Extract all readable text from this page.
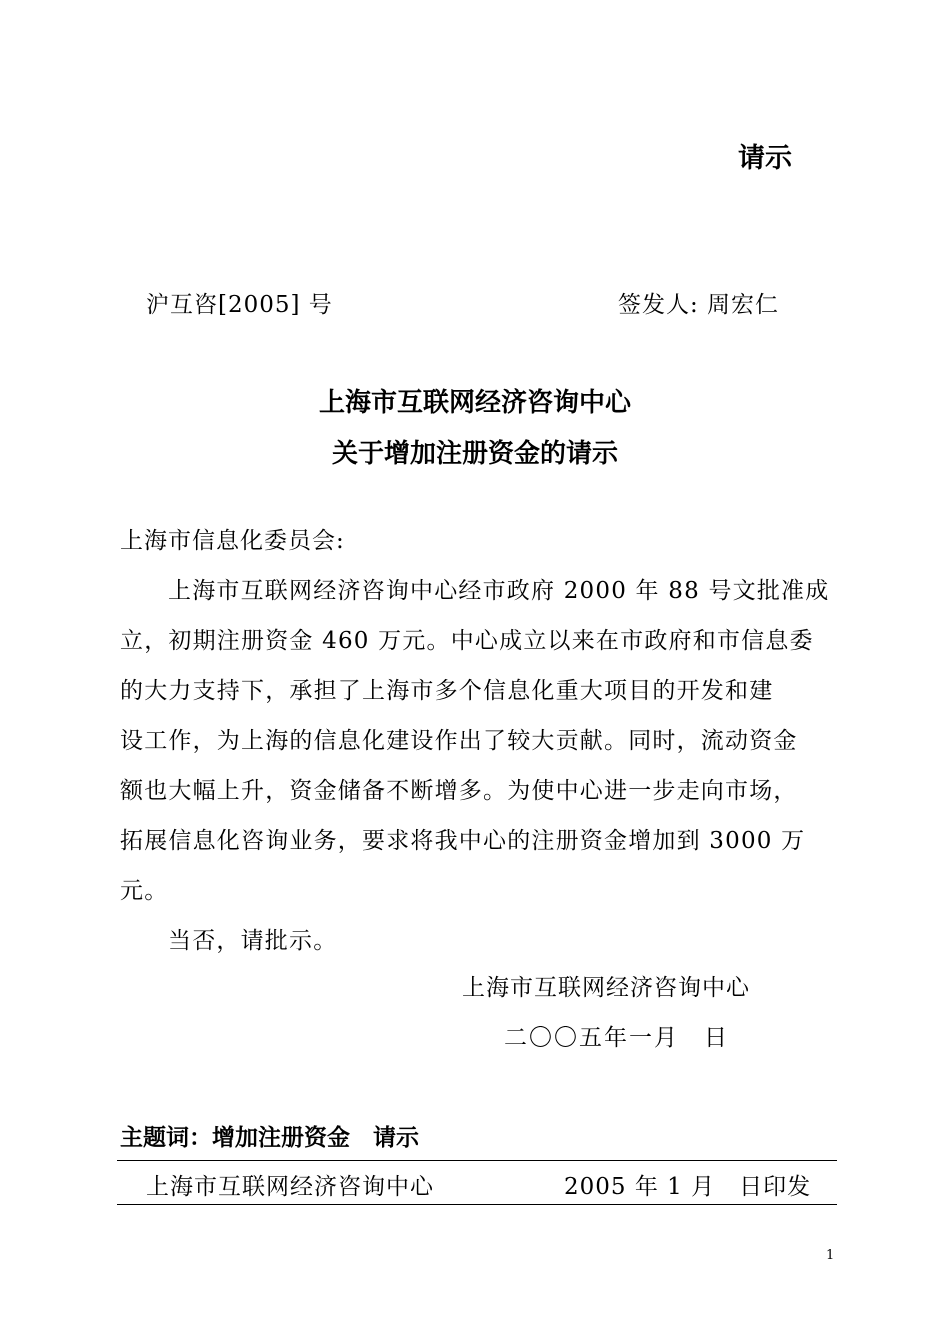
请示
沪互咨[2005] 号	签发人: 周宏仁
上海市互联网经济咨询中心
关于增加注册资金的请示
上海市信息化委员会:
上海市互联网经济咨询中心经市政府 2000 年 88 号文批准成
立，初期注册资金 460 万元。中心成立以来在市政府和市信息委
的大力支持下，承担了上海市多个信息化重大项目的开发和建
设工作，为上海的信息化建设作出了较大贡献。同时，流动资金
额也大幅上升，资金储备不断增多。为使中心进一步走向市场，
拓展信息化咨询业务，要求将我中心的注册资金增加到 3000 万
元。
当否，请批示。
上海市互联网经济咨询中心
二〇〇五年一月　日
主题词：增加注册资金　请示
上海市互联网经济咨询中心	2005 年 1 月　日印发
1
